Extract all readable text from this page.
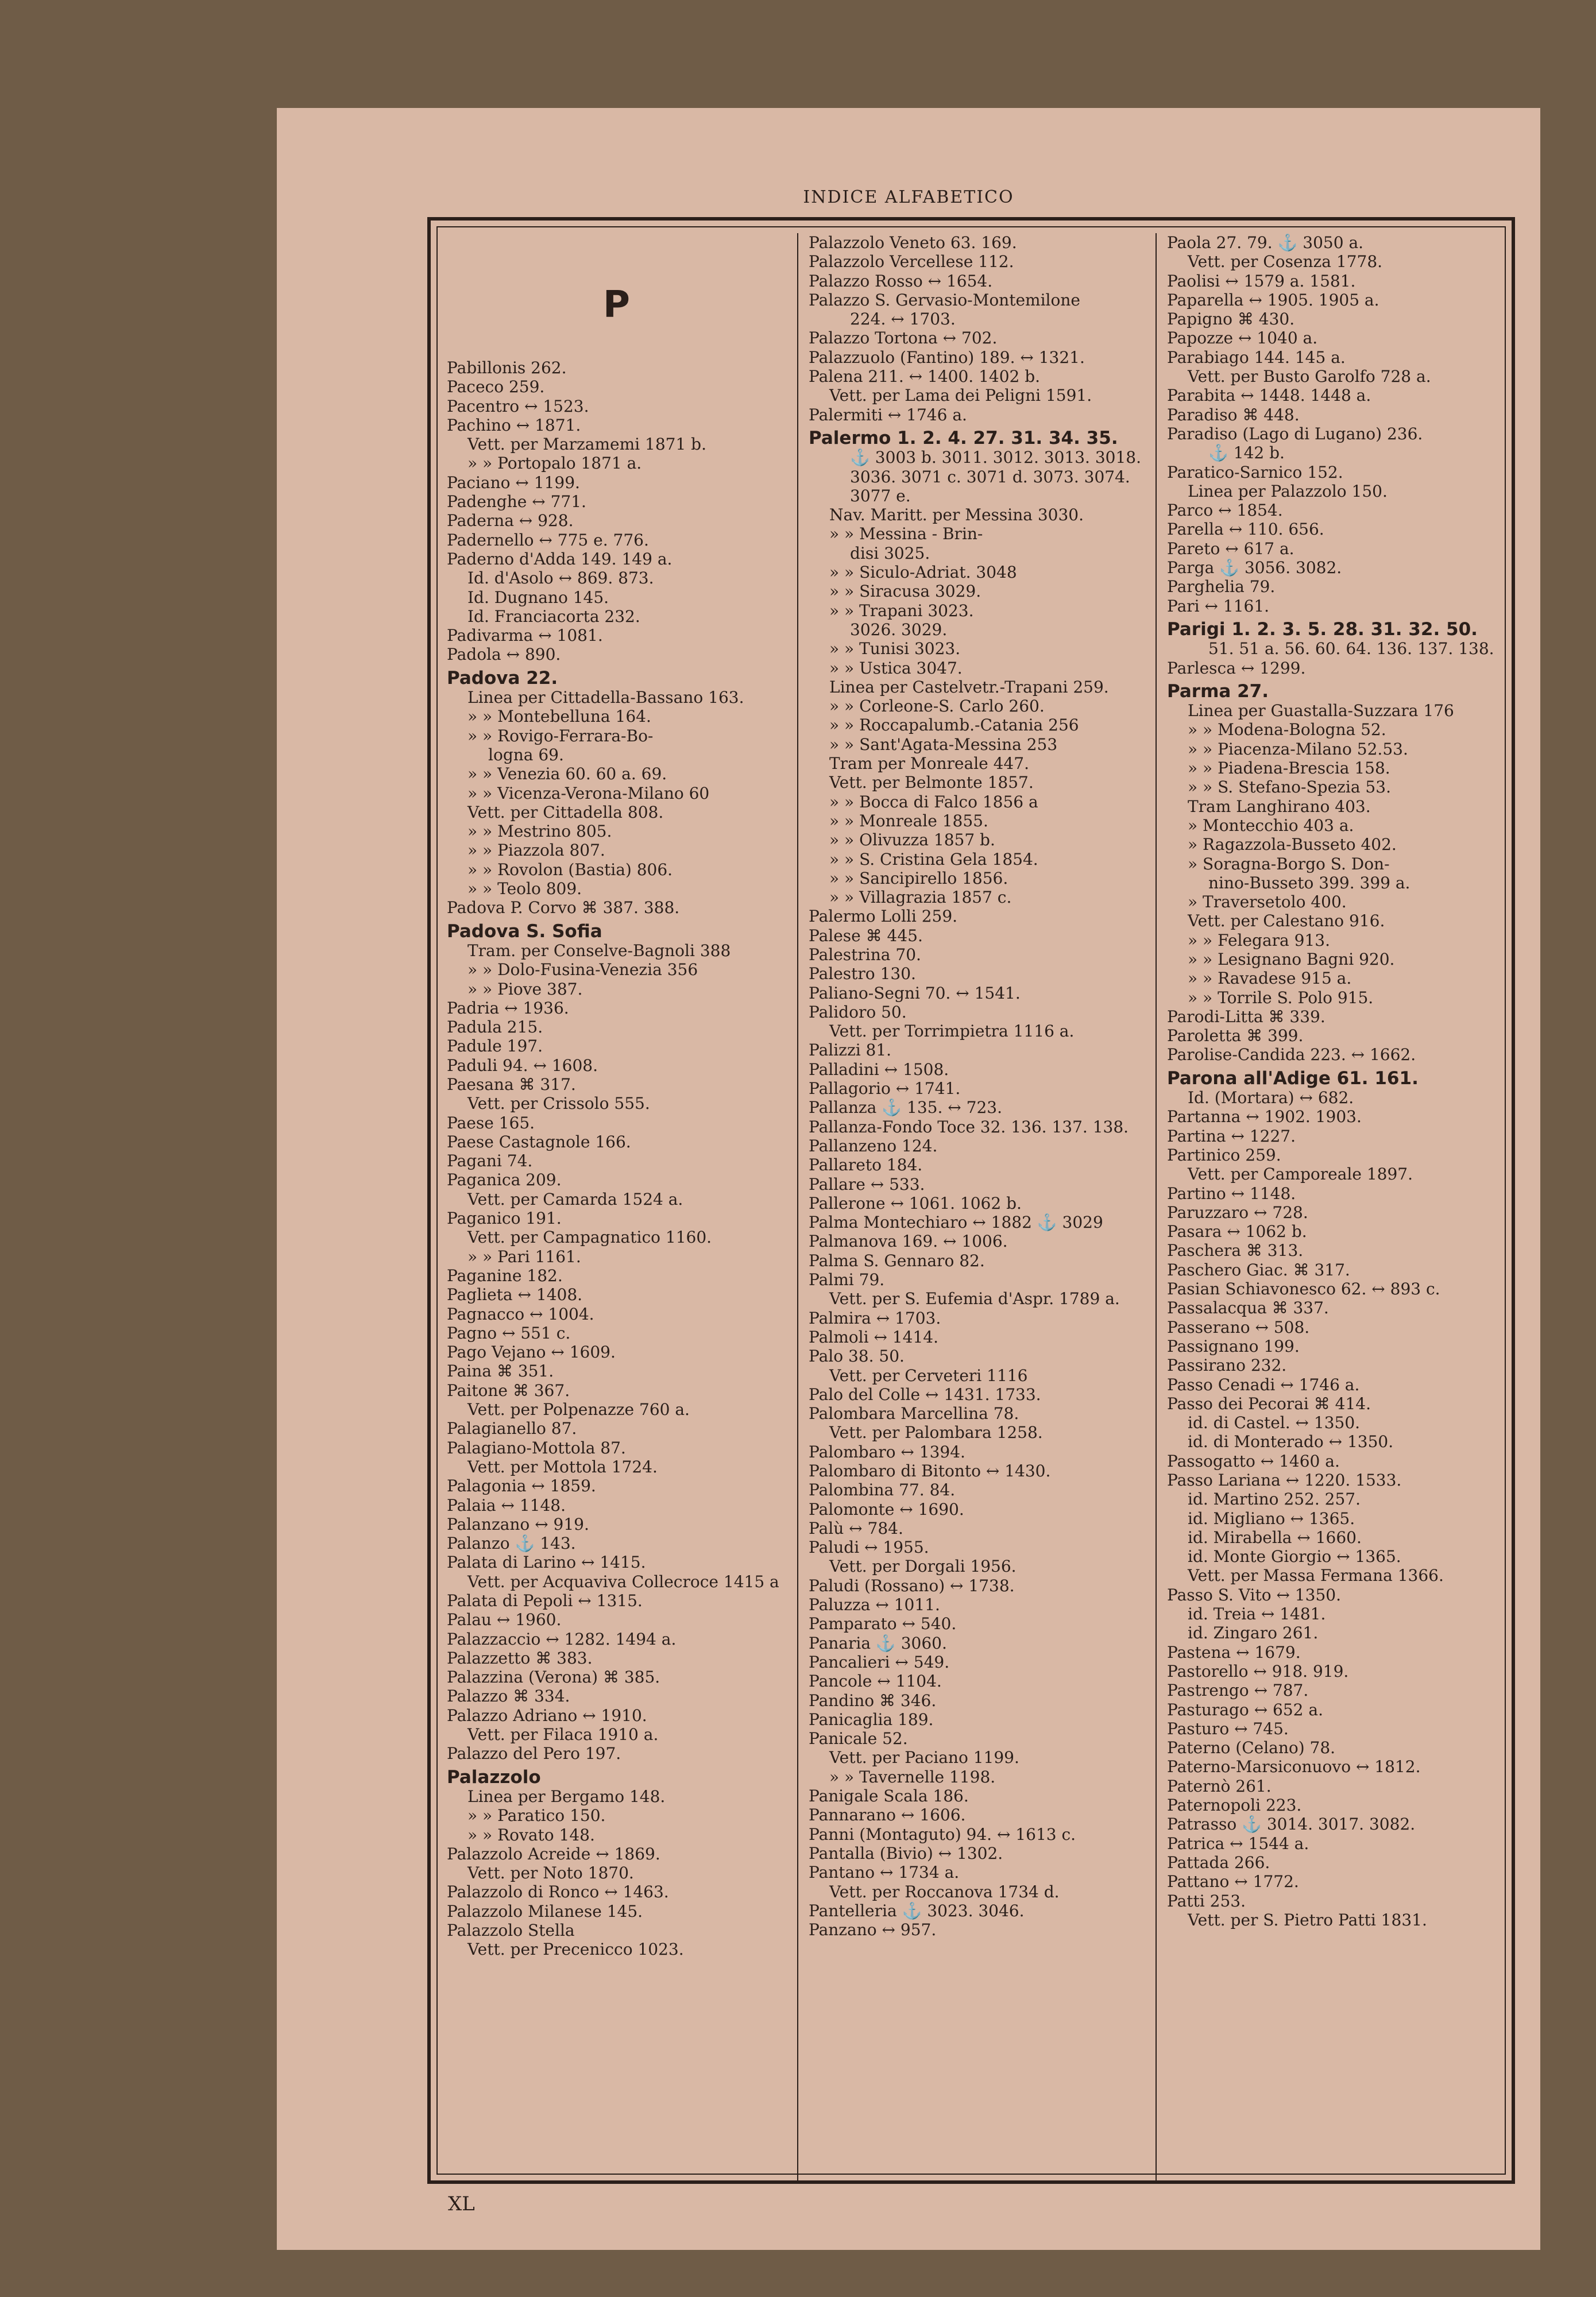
INDICE ALFABETICO
P
Pabillonis 262.
Paceco 259.
Pacentro ↔ 1523.
Pachino ↔ 1871.
Vett. per Marzamemi 1871 b.
» » Portopalo 1871 a.
Paciano ↔ 1199.
Padenghe ↔ 771.
Paderna ↔ 928.
Padernello ↔ 775 e. 776.
Paderno d'Adda 149. 149 a.
Id. d'Asolo ↔ 869. 873.
Id. Dugnano 145.
Id. Franciacorta 232.
Padivarma ↔ 1081.
Padola ↔ 890.
Padova 22.
Linea per Cittadella-Bassano 163.
» » Montebelluna 164.
» » Rovigo-Ferrara-Bo-
logna 69.
» » Venezia 60. 60 a. 69.
» » Vicenza-Verona-Milano 60
Vett. per Cittadella 808.
» » Mestrino 805.
» » Piazzola 807.
» » Rovolon (Bastia) 806.
» » Teolo 809.
Padova P. Corvo ⌘ 387. 388.
Padova S. Sofia
Tram. per Conselve-Bagnoli 388
» » Dolo-Fusina-Venezia 356
» » Piove 387.
Padria ↔ 1936.
Padula 215.
Padule 197.
Paduli 94. ↔ 1608.
Paesana ⌘ 317.
Vett. per Crissolo 555.
Paese 165.
Paese Castagnole 166.
Pagani 74.
Paganica 209.
Vett. per Camarda 1524 a.
Paganico 191.
Vett. per Campagnatico 1160.
» » Pari 1161.
Paganine 182.
Paglieta ↔ 1408.
Pagnacco ↔ 1004.
Pagno ↔ 551 c.
Pago Vejano ↔ 1609.
Paina ⌘ 351.
Paitone ⌘ 367.
Vett. per Polpenazze 760 a.
Palagianello 87.
Palagiano-Mottola 87.
Vett. per Mottola 1724.
Palagonia ↔ 1859.
Palaia ↔ 1148.
Palanzano ↔ 919.
Palanzo ⚓ 143.
Palata di Larino ↔ 1415.
Vett. per Acquaviva Collecroce 1415 a
Palata di Pepoli ↔ 1315.
Palau ↔ 1960.
Palazzaccio ↔ 1282. 1494 a.
Palazzetto ⌘ 383.
Palazzina (Verona) ⌘ 385.
Palazzo ⌘ 334.
Palazzo Adriano ↔ 1910.
Vett. per Filaca 1910 a.
Palazzo del Pero 197.
Palazzolo
Linea per Bergamo 148.
» » Paratico 150.
» » Rovato 148.
Palazzolo Acreide ↔ 1869.
Vett. per Noto 1870.
Palazzolo di Ronco ↔ 1463.
Palazzolo Milanese 145.
Palazzolo Stella
Vett. per Precenicco 1023.
Palazzolo Veneto 63. 169.
Palazzolo Vercellese 112.
Palazzo Rosso ↔ 1654.
Palazzo S. Gervasio-Montemilone
224. ↔ 1703.
Palazzo Tortona ↔ 702.
Palazzuolo (Fantino) 189. ↔ 1321.
Palena 211. ↔ 1400. 1402 b.
Vett. per Lama dei Peligni 1591.
Palermiti ↔ 1746 a.
Palermo 1. 2. 4. 27. 31. 34. 35.
⚓ 3003 b. 3011. 3012. 3013. 3018.
3036. 3071 c. 3071 d. 3073. 3074.
3077 e.
Nav. Maritt. per Messina 3030.
» » Messina - Brin-
disi 3025.
» » Siculo-Adriat. 3048
» » Siracusa 3029.
» » Trapani 3023.
3026. 3029.
» » Tunisi 3023.
» » Ustica 3047.
Linea per Castelvetr.-Trapani 259.
» » Corleone-S. Carlo 260.
» » Roccapalumb.-Catania 256
» » Sant'Agata-Messina 253
Tram per Monreale 447.
Vett. per Belmonte 1857.
» » Bocca di Falco 1856 a
» » Monreale 1855.
» » Olivuzza 1857 b.
» » S. Cristina Gela 1854.
» » Sancipirello 1856.
» » Villagrazia 1857 c.
Palermo Lolli 259.
Palese ⌘ 445.
Palestrina 70.
Palestro 130.
Paliano-Segni 70. ↔ 1541.
Palidoro 50.
Vett. per Torrimpietra 1116 a.
Palizzi 81.
Palladini ↔ 1508.
Pallagorio ↔ 1741.
Pallanza ⚓ 135. ↔ 723.
Pallanza-Fondo Toce 32. 136. 137. 138.
Pallanzeno 124.
Pallareto 184.
Pallare ↔ 533.
Pallerone ↔ 1061. 1062 b.
Palma Montechiaro ↔ 1882 ⚓ 3029
Palmanova 169. ↔ 1006.
Palma S. Gennaro 82.
Palmi 79.
Vett. per S. Eufemia d'Aspr. 1789 a.
Palmira ↔ 1703.
Palmoli ↔ 1414.
Palo 38. 50.
Vett. per Cerveteri 1116
Palo del Colle ↔ 1431. 1733.
Palombara Marcellina 78.
Vett. per Palombara 1258.
Palombaro ↔ 1394.
Palombaro di Bitonto ↔ 1430.
Palombina 77. 84.
Palomonte ↔ 1690.
Palù ↔ 784.
Paludi ↔ 1955.
Vett. per Dorgali 1956.
Paludi (Rossano) ↔ 1738.
Paluzza ↔ 1011.
Pamparato ↔ 540.
Panaria ⚓ 3060.
Pancalieri ↔ 549.
Pancole ↔ 1104.
Pandino ⌘ 346.
Panicaglia 189.
Panicale 52.
Vett. per Paciano 1199.
» » Tavernelle 1198.
Panigale Scala 186.
Pannarano ↔ 1606.
Panni (Montaguto) 94. ↔ 1613 c.
Pantalla (Bivio) ↔ 1302.
Pantano ↔ 1734 a.
Vett. per Roccanova 1734 d.
Pantelleria ⚓ 3023. 3046.
Panzano ↔ 957.
Paola 27. 79. ⚓ 3050 a.
Vett. per Cosenza 1778.
Paolisi ↔ 1579 a. 1581.
Paparella ↔ 1905. 1905 a.
Papigno ⌘ 430.
Papozze ↔ 1040 a.
Parabiago 144. 145 a.
Vett. per Busto Garolfo 728 a.
Parabita ↔ 1448. 1448 a.
Paradiso ⌘ 448.
Paradiso (Lago di Lugano) 236.
⚓ 142 b.
Paratico-Sarnico 152.
Linea per Palazzolo 150.
Parco ↔ 1854.
Parella ↔ 110. 656.
Pareto ↔ 617 a.
Parga ⚓ 3056. 3082.
Parghelia 79.
Pari ↔ 1161.
Parigi 1. 2. 3. 5. 28. 31. 32. 50.
51. 51 a. 56. 60. 64. 136. 137. 138.
Parlesca ↔ 1299.
Parma 27.
Linea per Guastalla-Suzzara 176
» » Modena-Bologna 52.
» » Piacenza-Milano 52.53.
» » Piadena-Brescia 158.
» » S. Stefano-Spezia 53.
Tram Langhirano 403.
» Montecchio 403 a.
» Ragazzola-Busseto 402.
» Soragna-Borgo S. Don-
nino-Busseto 399. 399 a.
» Traversetolo 400.
Vett. per Calestano 916.
» » Felegara 913.
» » Lesignano Bagni 920.
» » Ravadese 915 a.
» » Torrile S. Polo 915.
Parodi-Litta ⌘ 339.
Paroletta ⌘ 399.
Parolise-Candida 223. ↔ 1662.
Parona all'Adige 61. 161.
Id. (Mortara) ↔ 682.
Partanna ↔ 1902. 1903.
Partina ↔ 1227.
Partinico 259.
Vett. per Camporeale 1897.
Partino ↔ 1148.
Paruzzaro ↔ 728.
Pasara ↔ 1062 b.
Paschera ⌘ 313.
Paschero Giac. ⌘ 317.
Pasian Schiavonesco 62. ↔ 893 c.
Passalacqua ⌘ 337.
Passerano ↔ 508.
Passignano 199.
Passirano 232.
Passo Cenadi ↔ 1746 a.
Passo dei Pecorai ⌘ 414.
id. di Castel. ↔ 1350.
id. di Monterado ↔ 1350.
Passogatto ↔ 1460 a.
Passo Lariana ↔ 1220. 1533.
id. Martino 252. 257.
id. Migliano ↔ 1365.
id. Mirabella ↔ 1660.
id. Monte Giorgio ↔ 1365.
Vett. per Massa Fermana 1366.
Passo S. Vito ↔ 1350.
id. Treia ↔ 1481.
id. Zingaro 261.
Pastena ↔ 1679.
Pastorello ↔ 918. 919.
Pastrengo ↔ 787.
Pasturago ↔ 652 a.
Pasturo ↔ 745.
Paterno (Celano) 78.
Paterno-Marsiconuovo ↔ 1812.
Paternò 261.
Paternopoli 223.
Patrasso ⚓ 3014. 3017. 3082.
Patrica ↔ 1544 a.
Pattada 266.
Pattano ↔ 1772.
Patti 253.
Vett. per S. Pietro Patti 1831.
XL
